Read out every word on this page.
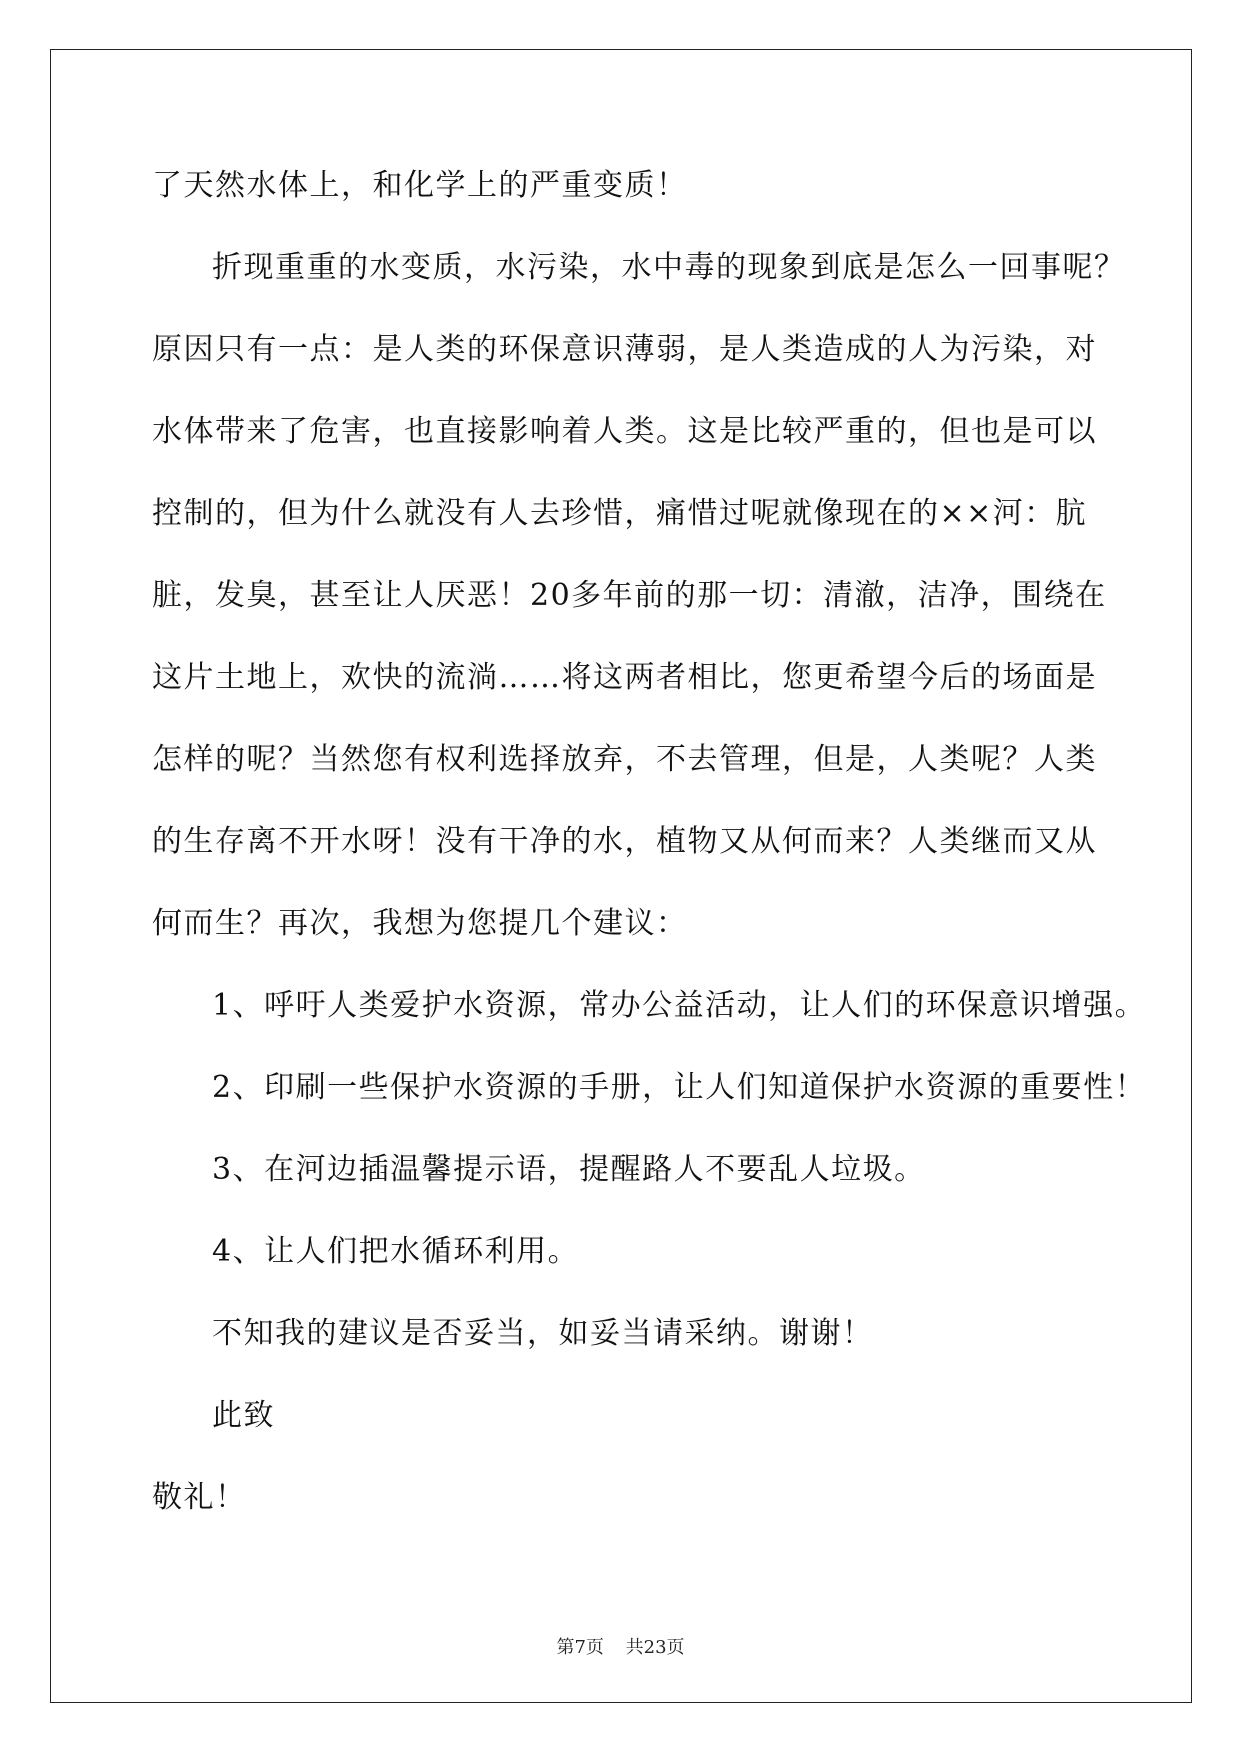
了天然水体上，和化学上的严重变质！
折现重重的水变质，水污染，水中毒的现象到底是怎么一回事呢？
原因只有一点：是人类的环保意识薄弱，是人类造成的人为污染，对
水体带来了危害，也直接影响着人类。这是比较严重的，但也是可以
控制的，但为什么就没有人去珍惜，痛惜过呢就像现在的××河：肮
脏，发臭，甚至让人厌恶！20多年前的那一切：清澈，洁净，围绕在
这片土地上，欢快的流淌……将这两者相比，您更希望今后的场面是
怎样的呢？当然您有权利选择放弃，不去管理，但是，人类呢？人类
的生存离不开水呀！没有干净的水，植物又从何而来？人类继而又从
何而生？再次，我想为您提几个建议：
1、呼吁人类爱护水资源，常办公益活动，让人们的环保意识增强。
2、印刷一些保护水资源的手册，让人们知道保护水资源的重要性！
3、在河边插温馨提示语，提醒路人不要乱人垃圾。
4、让人们把水循环利用。
不知我的建议是否妥当，如妥当请采纳。谢谢！
此致
敬礼！
第7页 共23页
